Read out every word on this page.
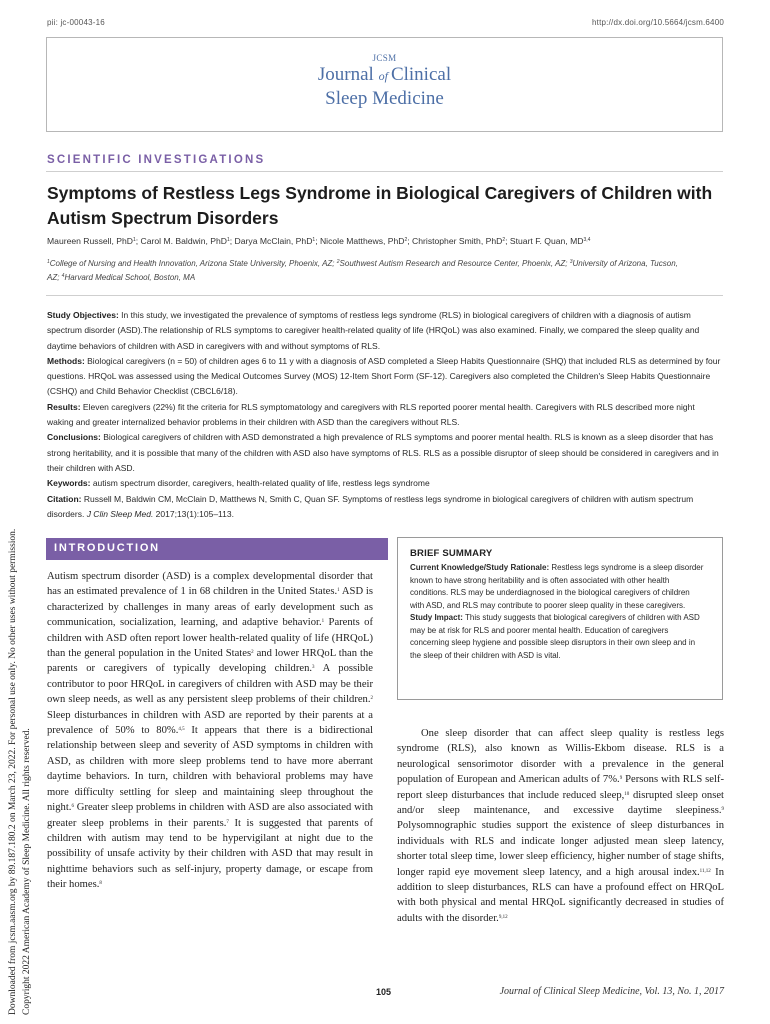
pii: jc-00043-16	http://dx.doi.org/10.5664/jcsm.6400
JCSM
Journal of Clinical
Sleep Medicine
SCIENTIFIC INVESTIGATIONS
Symptoms of Restless Legs Syndrome in Biological Caregivers of Children with Autism Spectrum Disorders
Maureen Russell, PhD$^1$; Carol M. Baldwin, PhD$^1$; Darya McClain, PhD$^1$; Nicole Matthews, PhD$^2$; Christopher Smith, PhD$^2$; Stuart F. Quan, MD$^{3,4}$
$^1$College of Nursing and Health Innovation, Arizona State University, Phoenix, AZ; $^2$Southwest Autism Research and Resource Center, Phoenix, AZ; $^3$University of Arizona, Tucson,
AZ; $^4$Harvard Medical School, Boston, MA

Study Objectives: In this study, we investigated the prevalence of symptoms of restless legs syndrome (RLS) in biological caregivers of children with a diagnosis of autism spectrum disorder (ASD).The relationship of RLS symptoms to caregiver health-related quality of life (HRQoL) was also examined. Finally, we compared the sleep quality and daytime behaviors of children with ASD in caregivers with and without symptoms of RLS.

Methods: Biological caregivers (n = 50) of children ages 6 to 11 y with a diagnosis of ASD completed a Sleep Habits Questionnaire (SHQ) that included RLS as determined by four questions. HRQoL was assessed using the Medical Outcomes Survey (MOS) 12-Item Short Form (SF-12). Caregivers also completed the Children's Sleep Habits Questionnaire (CSHQ) and Child Behavior Checklist (CBCL6/18).

Results: Eleven caregivers (22%) fit the criteria for RLS symptomatology and caregivers with RLS reported poorer mental health. Caregivers with RLS described more night waking and greater internalized behavior problems in their children with ASD than the caregivers without RLS.

Conclusions: Biological caregivers of children with ASD demonstrated a high prevalence of RLS symptoms and poorer mental health. RLS is known as a sleep disorder that has strong heritability, and it is possible that many of the children with ASD also have symptoms of RLS. RLS as a possible disruptor of sleep should be considered in caregivers and in their children with ASD.

Keywords: autism spectrum disorder, caregivers, health-related quality of life, restless legs syndrome

Citation: Russell M, Baldwin CM, McClain D, Matthews N, Smith C, Quan SF. Symptoms of restless legs syndrome in biological caregivers of children with autism spectrum disorders. J Clin Sleep Med. 2017;13(1):105–113.

Downloaded from jcsm.aasm.org by 89.187.180.2 on March 23, 2022. For personal use only. No other uses without permission. Copyright 2022 American Academy of Sleep Medicine. All rights reserved.
INTRODUCTION

Autism spectrum disorder (ASD) is a complex developmental disorder that has an estimated prevalence of 1 in 68 children in the United States.$^1$ ASD is characterized by challenges in many areas of early development such as communication, socialization, learning, and adaptive behavior.$^1$ Parents of children with ASD often report lower health-related quality of life (HRQoL) than the general population in the United States$^2$ and lower HRQoL than the parents or caregivers of typically developing children.$^3$ A possible contributor to poor HRQoL in caregivers of children with ASD may be their own sleep needs, as well as any persistent sleep problems of their children.$^2$ Sleep disturbances in children with ASD are reported by their parents at a prevalence of 50% to 80%.$^{4,5}$ It appears that there is a bidirectional relationship between sleep and severity of ASD symptoms in children with ASD, as children with more sleep problems tend to have more aberrant daytime behaviors. In turn, children with behavioral problems may have more difficulty settling for sleep and maintaining sleep throughout the night.$^6$ Greater sleep problems in children with ASD are also associated with greater sleep problems in their parents.$^7$ It is suggested that parents of children with autism may tend to be hypervigilant at night due to the possibility of unsafe activity by their children with ASD that may result in nighttime behaviors such as self-injury, property damage, or escape from their homes.$^8$

BRIEF SUMMARY

Current Knowledge/Study Rationale: Restless legs syndrome is a sleep disorder known to have strong heritability and is often associated with other health conditions. RLS may be underdiagnosed in the biological caregivers of children with ASD, and RLS may contribute to poorer sleep quality in these caregivers.

Study Impact: This study suggests that biological caregivers of children with ASD may be at risk for RLS and poorer mental health. Education of caregivers concerning sleep hygiene and possible sleep disruptors in their own sleep and in the sleep of their children with ASD is vital.

One sleep disorder that can affect sleep quality is restless legs syndrome (RLS), also known as Willis-Ekbom disease. RLS is a neurological sensorimotor disorder with a prevalence in the general population of European and American adults of 7%.$^9$ Persons with RLS self-report sleep disturbances that include reduced sleep,$^{10}$ disrupted sleep onset and/or sleep maintenance, and excessive daytime sleepiness.$^9$ Polysomnographic studies support the existence of sleep disturbances in individuals with RLS and indicate longer adjusted mean sleep latency, shorter total sleep time, lower sleep efficiency, higher number of stage shifts, longer rapid eye movement sleep latency, and a high arousal index.$^{11,12}$ In addition to sleep disturbances, RLS can have a profound effect on HRQoL with both physical and mental HRQoL significantly decreased in studies of adults with the disorder.$^{9,12}$

105	Journal of Clinical Sleep Medicine, Vol. 13, No. 1, 2017
